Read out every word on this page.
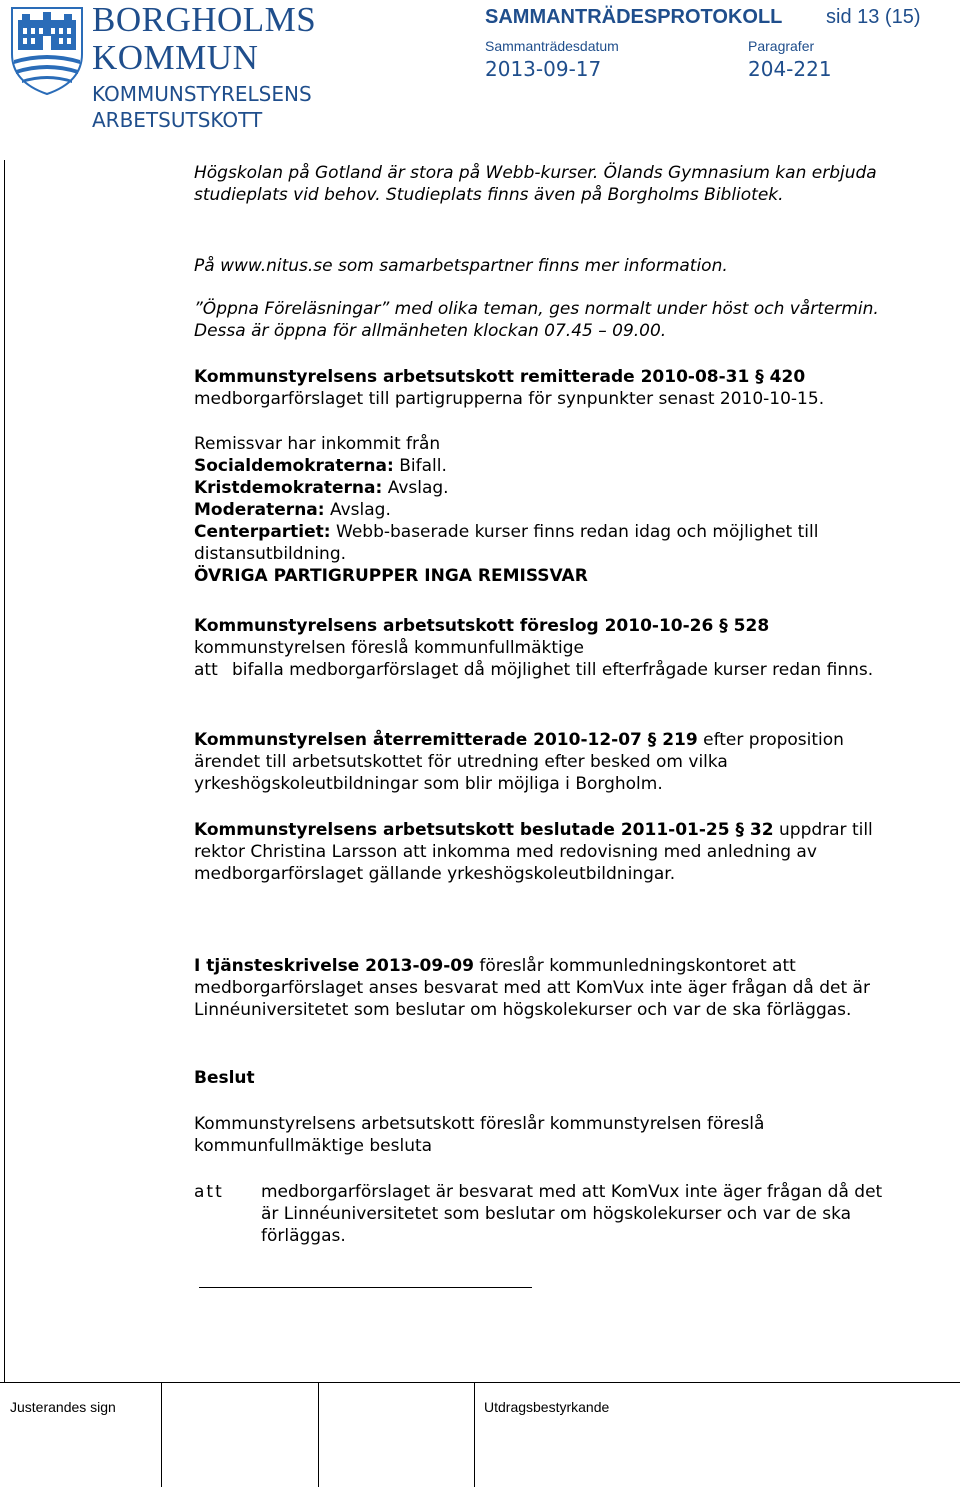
BORGHOLMS
KOMMUN
KOMMUNSTYRELSENS
ARBETSUTSKOTT
SAMMANTRÄDESPROTOKOLL sid 13 (15)
Sammanträdesdatum
2013-09-17
Paragrafer
204-221

Högskolan på Gotland är stora på Webb-kurser. Ölands Gymnasium kan erbjuda studieplats vid behov. Studieplats finns även på Borgholms Bibliotek.

På www.nitus.se som samarbetspartner finns mer information.

”Öppna Föreläsningar” med olika teman, ges normalt under höst och vårtermin. Dessa är öppna för allmänheten klockan 07.45 – 09.00.

Kommunstyrelsens arbetsutskott remitterade 2010-08-31 § 420 medborgarförslaget till partigrupperna för synpunkter senast 2010-10-15.

Remissvar har inkommit från

Socialdemokraterna: Bifall.

Kristdemokraterna: Avslag.

Moderaterna: Avslag.

Centerpartiet: Webb-baserade kurser finns redan idag och möjlighet till distansutbildning.

ÖVRIGA PARTIGRUPPER INGA REMISSVAR

Kommunstyrelsens arbetsutskott föreslog 2010-10-26 § 528 kommunstyrelsen föreslå kommunfullmäktige

att bifalla medborgarförslaget då möjlighet till efterfrågade kurser redan finns.

Kommunstyrelsen återremitterade 2010-12-07 § 219 efter proposition ärendet till arbetsutskottet för utredning efter besked om vilka yrkeshögskoleutbildningar som blir möjliga i Borgholm.

Kommunstyrelsens arbetsutskott beslutade 2011-01-25 § 32 uppdrar till rektor Christina Larsson att inkomma med redovisning med anledning av medborgarförslaget gällande yrkeshögskoleutbildningar.

I tjänsteskrivelse 2013-09-09 föreslår kommunledningskontoret att medborgarförslaget anses besvarat med att KomVux inte äger frågan då det är Linnéuniversitetet som beslutar om högskolekurser och var de ska förläggas.

Beslut

Kommunstyrelsens arbetsutskott föreslår kommunstyrelsen föreslå kommunfullmäktige besluta

att	medborgarförslaget är besvarat med att KomVux inte äger frågan då det är Linnéuniversitetet som beslutar om högskolekurser och var de ska förläggas.
Justerandes sign	Utdragsbestyrkande
